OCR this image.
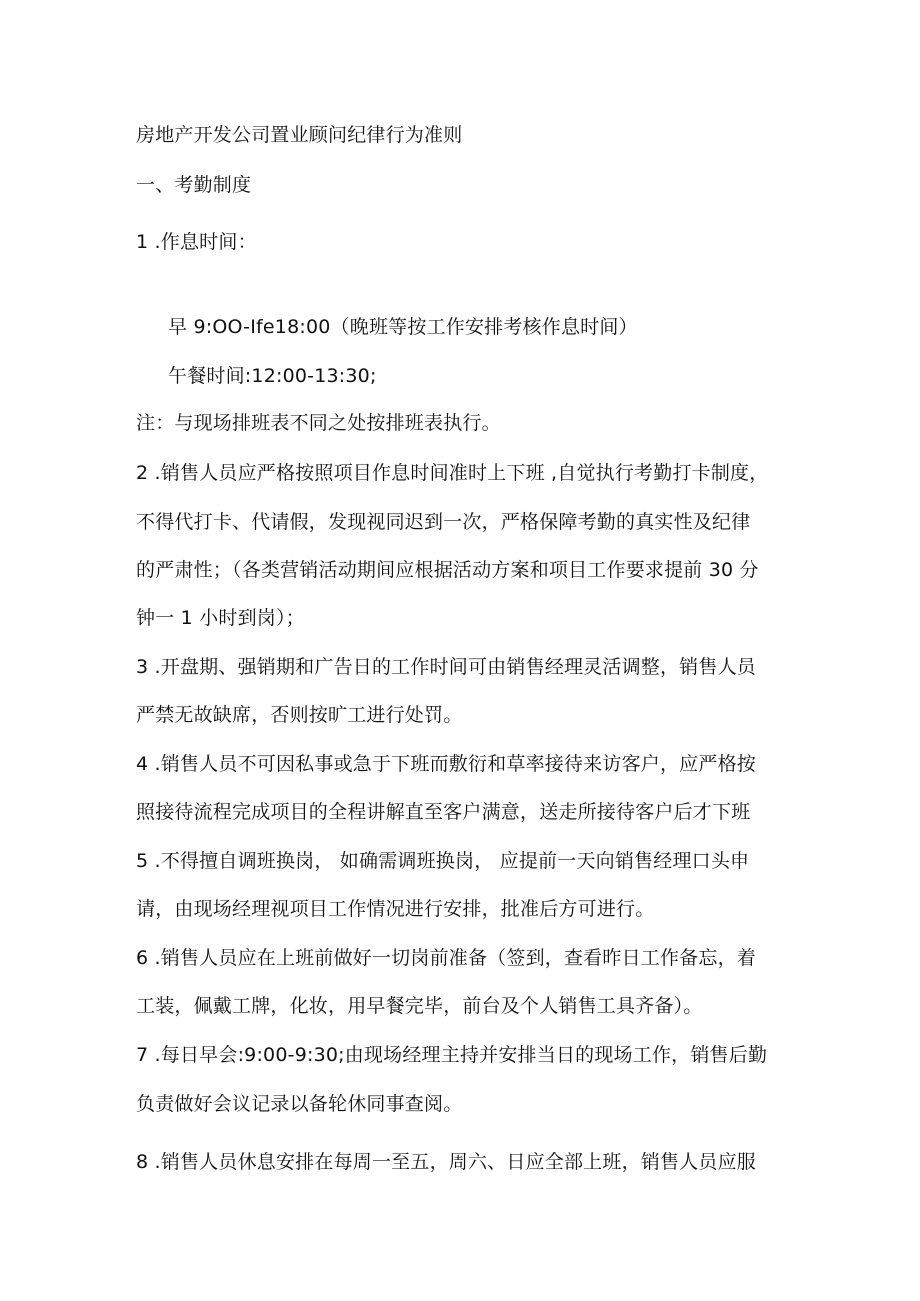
房地产开发公司置业顾问纪律行为准则
一、考勤制度
1 .作息时间：
早 9:OO-Ife18:00（晚班等按工作安排考核作息时间）
午餐时间:12:00-13:30;
注：与现场排班表不同之处按排班表执行。
2 .销售人员应严格按照项目作息时间准时上下班 ,自觉执行考勤打卡制度，
不得代打卡、代请假，发现视同迟到一次，严格保障考勤的真实性及纪律
的严肃性；（各类营销活动期间应根据活动方案和项目工作要求提前 30 分
钟一 1 小时到岗）；
3 .开盘期、强销期和广告日的工作时间可由销售经理灵活调整，销售人员
严禁无故缺席，否则按旷工进行处罚。
4 .销售人员不可因私事或急于下班而敷衍和草率接待来访客户，应严格按
照接待流程完成项目的全程讲解直至客户满意，送走所接待客户后才下班
5 .不得擅自调班换岗， 如确需调班换岗， 应提前一天向销售经理口头申
请，由现场经理视项目工作情况进行安排，批准后方可进行。
6 .销售人员应在上班前做好一切岗前准备（签到，查看昨日工作备忘，着
工装，佩戴工牌，化妆，用早餐完毕，前台及个人销售工具齐备）。
7 .每日早会:9:00-9:30;由现场经理主持并安排当日的现场工作，销售后勤
负责做好会议记录以备轮休同事查阅。
8 .销售人员休息安排在每周一至五，周六、日应全部上班，销售人员应服
